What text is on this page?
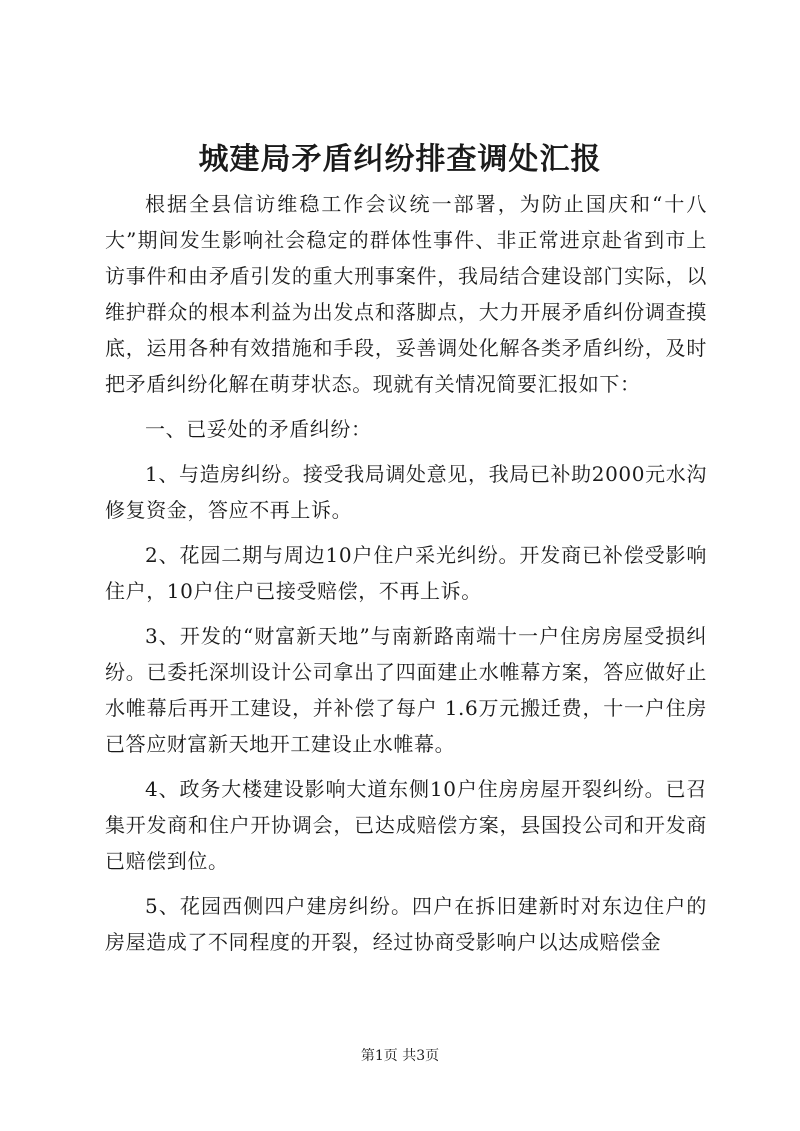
城建局矛盾纠纷排查调处汇报

根据全县信访维稳工作会议统一部署，为防止国庆和“十八大”期间发生影响社会稳定的群体性事件、非正常进京赴省到市上访事件和由矛盾引发的重大刑事案件，我局结合建设部门实际，以维护群众的根本利益为出发点和落脚点，大力开展矛盾纠份调查摸底，运用各种有效措施和手段，妥善调处化解各类矛盾纠纷，及时把矛盾纠纷化解在萌芽状态。现就有关情况简要汇报如下：

一、已妥处的矛盾纠纷：

1、与造房纠纷。接受我局调处意见，我局已补助2000元水沟修复资金，答应不再上诉。

2、花园二期与周边10户住户采光纠纷。开发商已补偿受影响住户，10户住户已接受赔偿，不再上诉。

3、开发的“财富新天地”与南新路南端十一户住房房屋受损纠纷。已委托深圳设计公司拿出了四面建止水帷幕方案，答应做好止水帷幕后再开工建设，并补偿了每户 1.6万元搬迁费，十一户住房已答应财富新天地开工建设止水帷幕。

4、政务大楼建设影响大道东侧10户住房房屋开裂纠纷。已召集开发商和住户开协调会，已达成赔偿方案，县国投公司和开发商已赔偿到位。

5、花园西侧四户建房纠纷。四户在拆旧建新时对东边住户的房屋造成了不同程度的开裂，经过协商受影响户以达成赔偿金

第1页 共3页
